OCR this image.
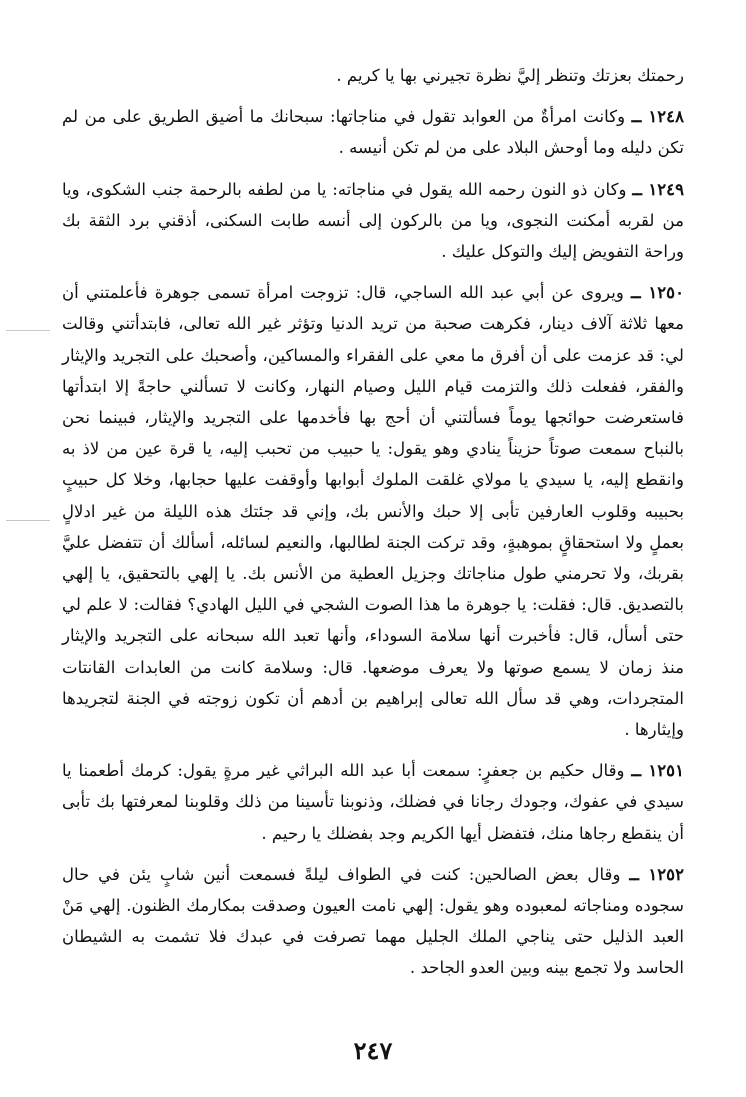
رحمتك بعزتك وتنظر إليَّ نظرة تجيرني بها يا كريم .

١٢٤٨ ــ وكانت امرأةٌ من العوابد تقول في مناجاتها: سبحانك ما أضيق الطريق على من لم تكن دليله وما أوحش البلاد على من لم تكن أنيسه .

١٢٤٩ ــ وكان ذو النون رحمه الله يقول في مناجاته: يا من لطفه بالرحمة جنب الشكوى، ويا من لقربه أمكنت النجوى، ويا من بالركون إلى أنسه طابت السكنى، أذقني برد الثقة بك وراحة التفويض إليك والتوكل عليك .

١٢٥٠ ــ ويروى عن أبي عبد الله الساجي، قال: تزوجت امرأة تسمى جوهرة فأعلمتني أن معها ثلاثة آلاف دينار، فكرهت صحبة من تريد الدنيا وتؤثر غير الله تعالى، فابتدأتني وقالت لي: قد عزمت على أن أفرق ما معي على الفقراء والمساكين، وأصحبك على التجريد والإيثار والفقر، ففعلت ذلك والتزمت قيام الليل وصيام النهار، وكانت لا تسألني حاجةً إلا ابتدأتها فاستعرضت حوائجها يوماً فسألتني أن أحج بها فأخدمها على التجريد والإيثار، فبينما نحن بالنباح سمعت صوتاً حزيناً ينادي وهو يقول: يا حبيب من تحبب إليه، يا قرة عين من لاذ به وانقطع إليه، يا سيدي يا مولاي غلقت الملوك أبوابها وأوقفت عليها حجابها، وخلا كل حبيبٍ بحبيبه وقلوب العارفين تأبى إلا حبك والأنس بك، وإني قد جئتك هذه الليلة من غير ادلالٍ بعملٍ ولا استحقاقٍ بموهبةٍ، وقد تركت الجنة لطالبها، والنعيم لسائله، أسألك أن تتفضل عليَّ بقربك، ولا تحرمني طول مناجاتك وجزيل العطية من الأنس بك. يا إلهي بالتحقيق، يا إلهي بالتصديق. قال: فقلت: يا جوهرة ما هذا الصوت الشجي في الليل الهادي؟ فقالت: لا علم لي حتى أسأل، قال: فأخبرت أنها سلامة السوداء، وأنها تعبد الله سبحانه على التجريد والإيثار منذ زمان لا يسمع صوتها ولا يعرف موضعها. قال: وسلامة كانت من العابدات القانتات المتجردات، وهي قد سأل الله تعالى إبراهيم بن أدهم أن تكون زوجته في الجنة لتجريدها وإيثارها .

١٢٥١ ــ وقال حكيم بن جعفرٍ: سمعت أبا عبد الله البراثي غير مرةٍ يقول: كرمك أطعمنا يا سيدي في عفوك، وجودك رجانا في فضلك، وذنوبنا تأسينا من ذلك وقلوبنا لمعرفتها بك تأبى أن ينقطع رجاها منك، فتفضل أيها الكريم وجد بفضلك يا رحيم .

١٢٥٢ ــ وقال بعض الصالحين: كنت في الطواف ليلةً فسمعت أنين شابٍ يئن في حال سجوده ومناجاته لمعبوده وهو يقول: إلهي نامت العيون وصدقت بمكارمك الظنون. إلهي مَنْ العبد الذليل حتى يناجي الملك الجليل مهما تصرفت في عبدك فلا تشمت به الشيطان الحاسد ولا تجمع بينه وبين العدو الجاحد .

٢٤٧
